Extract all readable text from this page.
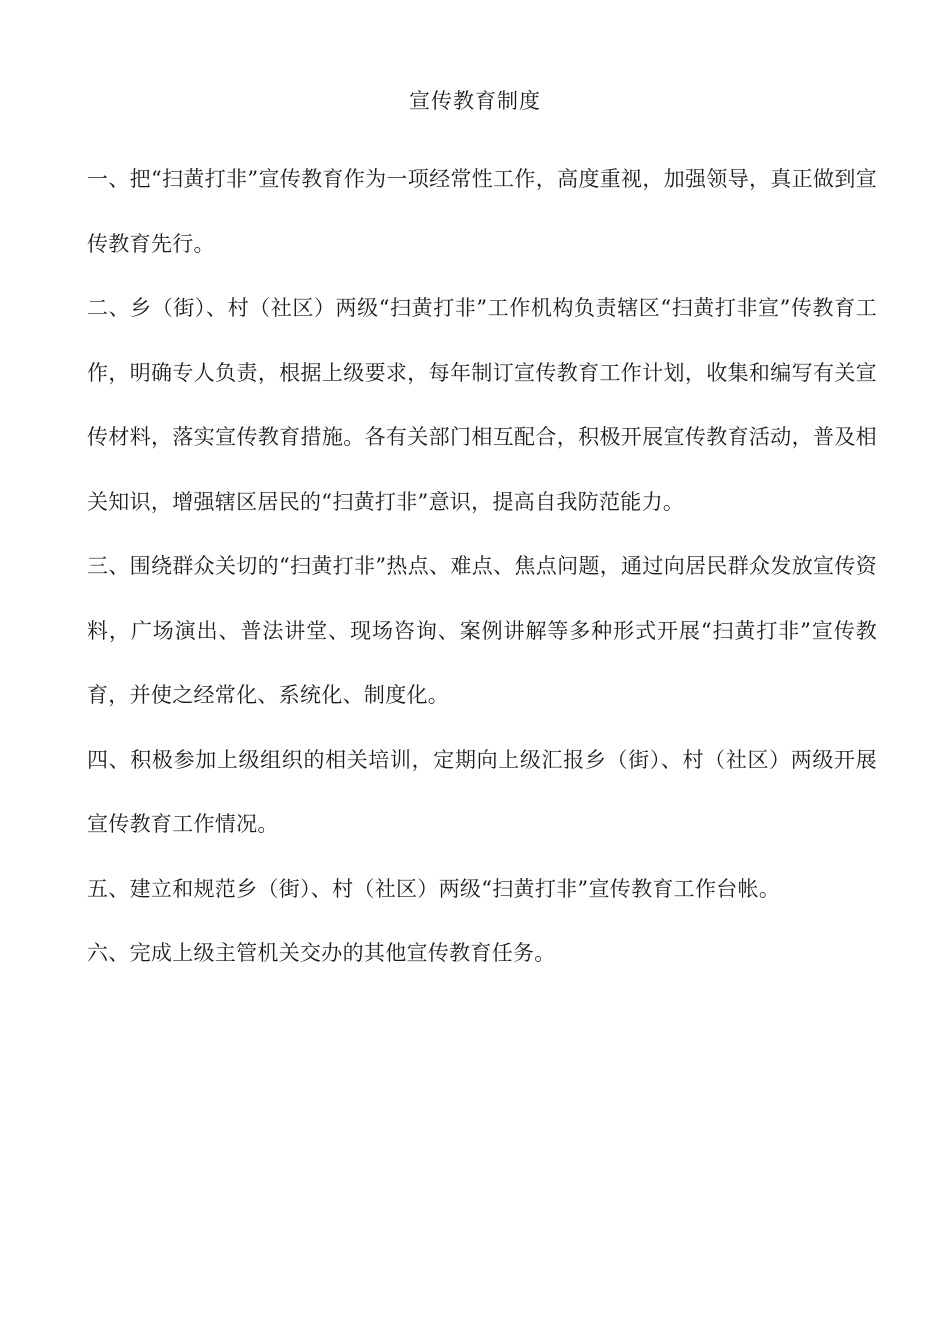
宣传教育制度

一、把“扫黄打非”宣传教育作为一项经常性工作，高度重视，加强领导，真正做到宣传教育先行。

二、乡（街）、村（社区）两级“扫黄打非”工作机构负责辖区“扫黄打非宣”传教育工作，明确专人负责，根据上级要求，每年制订宣传教育工作计划，收集和编写有关宣传材料，落实宣传教育措施。各有关部门相互配合，积极开展宣传教育活动，普及相关知识，增强辖区居民的“扫黄打非”意识，提高自我防范能力。

三、围绕群众关切的“扫黄打非”热点、难点、焦点问题，通过向居民群众发放宣传资料，广场演出、普法讲堂、现场咨询、案例讲解等多种形式开展“扫黄打非”宣传教育，并使之经常化、系统化、制度化。

四、积极参加上级组织的相关培训，定期向上级汇报乡（街）、村（社区）两级开展宣传教育工作情况。

五、建立和规范乡（街）、村（社区）两级“扫黄打非”宣传教育工作台帐。

六、完成上级主管机关交办的其他宣传教育任务。
